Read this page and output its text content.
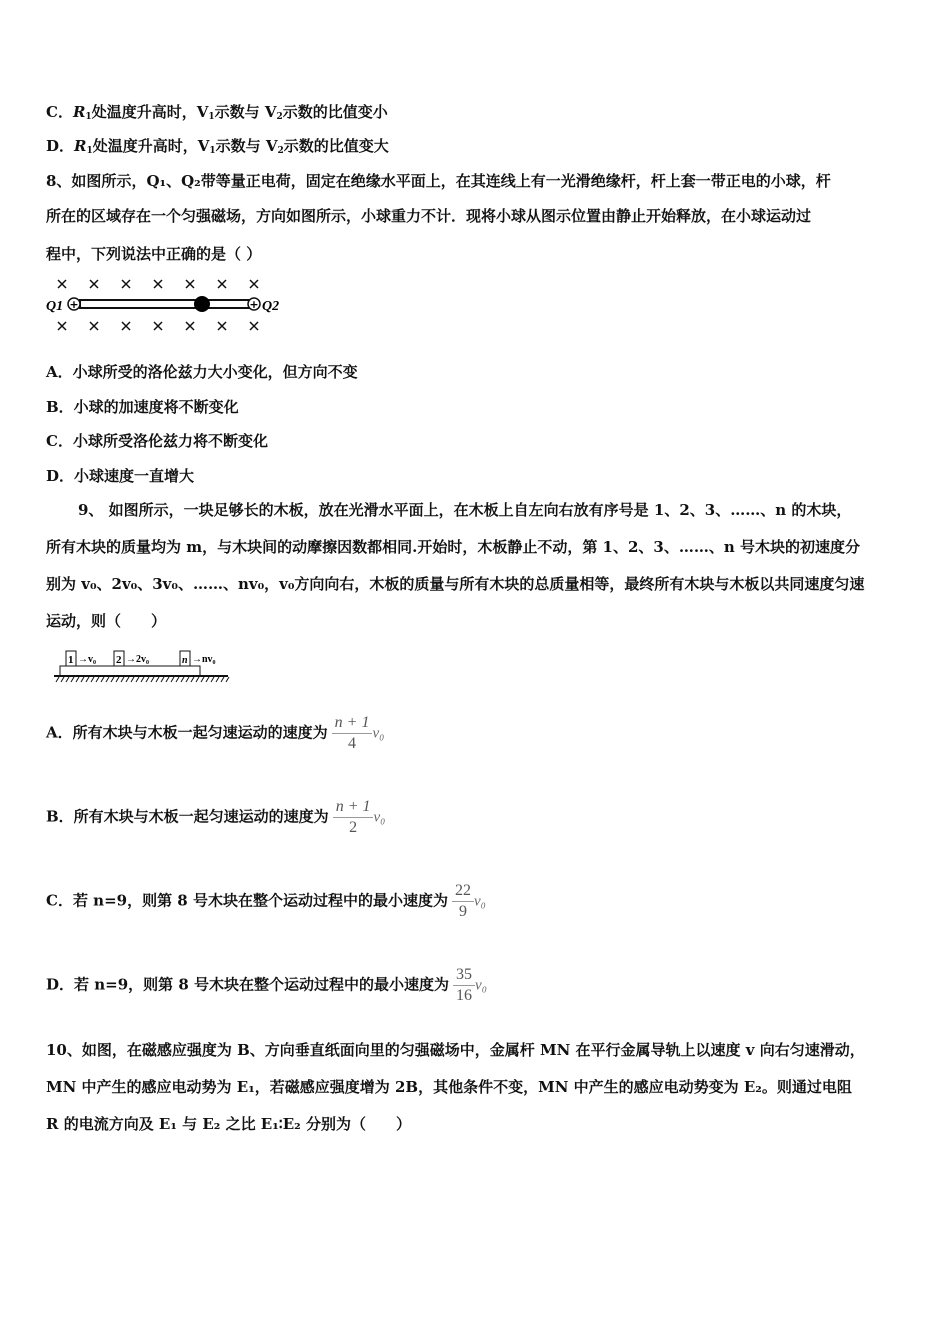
C．$R_1$处温度升高时，$V_1$示数与 $V_2$示数的比值变小
D．$R_1$处温度升高时，$V_1$示数与 $V_2$示数的比值变大
8、如图所示，Q₁、Q₂带等量正电荷，固定在绝缘水平面上，在其连线上有一光滑绝缘杆，杆上套一带正电的小球，杆
所在的区域存在一个匀强磁场，方向如图所示，小球重力不计．现将小球从图示位置由静止开始释放，在小球运动过
程中，下列说法中正确的是（ ）
+	+
Q1	Q2
A．小球所受的洛伦兹力大小变化，但方向不变
B．小球的加速度将不断变化
C．小球所受洛伦兹力将不断变化
D．小球速度一直增大
9、 如图所示，一块足够长的木板，放在光滑水平面上，在木板上自左向右放有序号是 1、2、3、……、n 的木块，
所有木块的质量均为 m，与木块间的动摩擦因数都相同.开始时，木板静止不动，第 1、2、3、……、n 号木块的初速度分
别为 v₀、2v₀、3v₀、……、nv₀，v₀方向向右，木板的质量与所有木块的总质量相等，最终所有木块与木板以共同速度匀速
运动，则（　　）
1 →v₀ 2 →2v₀	n →nv₀
A．所有木块与木板一起匀速运动的速度为 $\frac{n + 1}{4} v_0$
B．所有木块与木板一起匀速运动的速度为 $\frac{n + 1}{2} v_0$
C．若 n=9，则第 8 号木块在整个运动过程中的最小速度为 $\frac{22}{9} v_0$
D．若 n=9，则第 8 号木块在整个运动过程中的最小速度为 $\frac{35}{16} v_0$
10、如图，在磁感应强度为 B、方向垂直纸面向里的匀强磁场中，金属杆 MN 在平行金属导轨上以速度 v 向右匀速滑动，
MN 中产生的感应电动势为 E₁，若磁感应强度增为 2B，其他条件不变，MN 中产生的感应电动势变为 E₂。则通过电阻
R 的电流方向及 E₁ 与 E₂ 之比 E₁∶E₂ 分别为（　　）
